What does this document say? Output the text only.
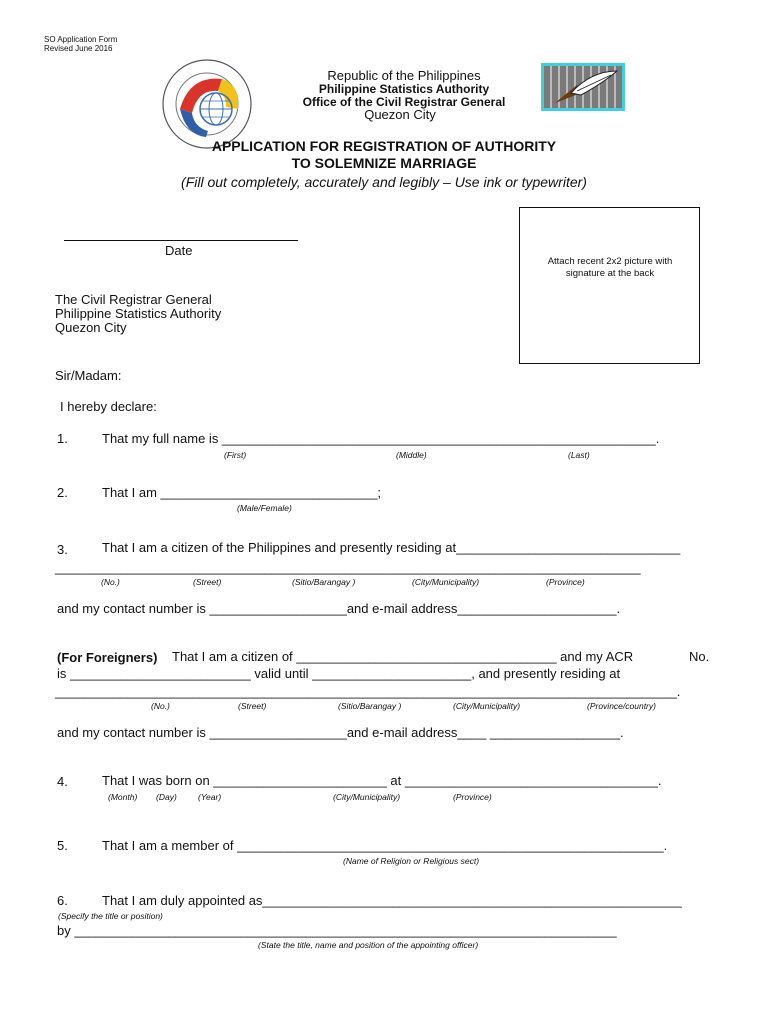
SO Application Form
Revised June 2016
Republic of the Philippines
Philippine Statistics Authority
Office of the Civil Registrar General
Quezon City
APPLICATION FOR REGISTRATION OF AUTHORITY
TO SOLEMNIZE MARRIAGE
(Fill out completely, accurately and legibly – Use ink or typewriter)
Date
Attach recent 2x2 picture with signature at the back
The Civil Registrar General
Philippine Statistics Authority
Quezon City
Sir/Madam:
I hereby declare:
1.	That my full name is ____________________________________________________________.
(First)	(Middle)	(Last)
2.	That I am ______________________________;
(Male/Female)
3.	That I am a citizen of the Philippines and presently residing at_______________________________
_________________________________________________________________________________
(No.)	(Street)	(Sitio/Barangay )	(City/Municipality)	(Province)
and my contact number is ___________________and e-mail address______________________.
(For Foreigners) That I am a citizen of ____________________________________ and my ACR	No.
is _________________________ valid until ______________________, and presently residing at
______________________________________________________________________________________.
(No.)	(Street)	(Sitio/Barangay )	(City/Municipality)	(Province/country)
and my contact number is ___________________and e-mail address____ __________________.
4.	That I was born on ________________________ at ___________________________________.
(Month) (Day) (Year)	(City/Municipality)	(Province)
5.	That I am a member of ___________________________________________________________.
(Name of Religion or Religious sect)
6.	That I am duly appointed as__________________________________________________________
(Specify the title or position)
by ___________________________________________________________________________
(State the title, name and position of the appointing officer)
